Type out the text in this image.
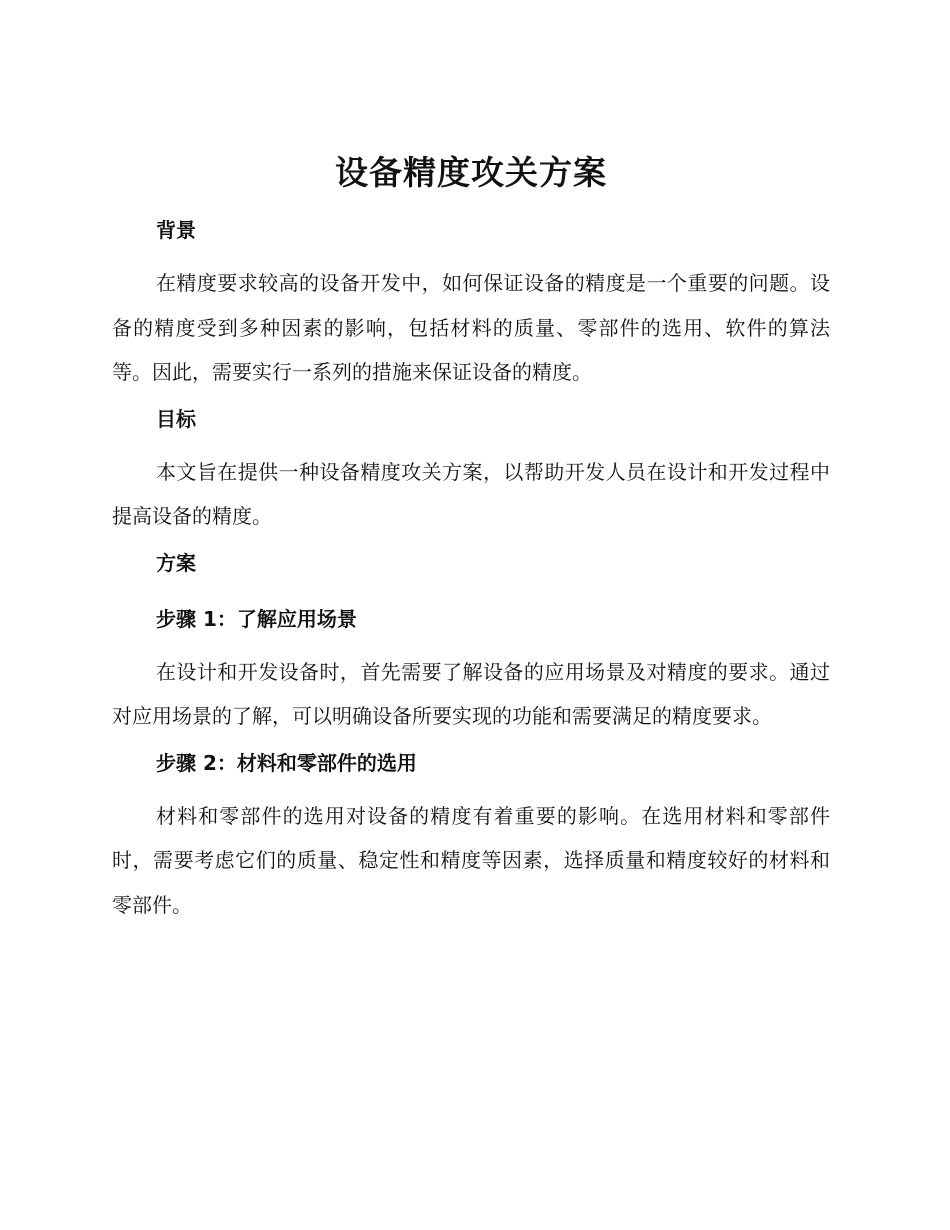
设备精度攻关方案
背景

在精度要求较高的设备开发中，如何保证设备的精度是一个重要的问题。设备的精度受到多种因素的影响，包括材料的质量、零部件的选用、软件的算法等。因此，需要实行一系列的措施来保证设备的精度。

目标

本文旨在提供一种设备精度攻关方案，以帮助开发人员在设计和开发过程中提高设备的精度。

方案
步骤 1：了解应用场景

在设计和开发设备时，首先需要了解设备的应用场景及对精度的要求。通过对应用场景的了解，可以明确设备所要实现的功能和需要满足的精度要求。

步骤 2：材料和零部件的选用

材料和零部件的选用对设备的精度有着重要的影响。在选用材料和零部件时，需要考虑它们的质量、稳定性和精度等因素，选择质量和精度较好的材料和零部件。
